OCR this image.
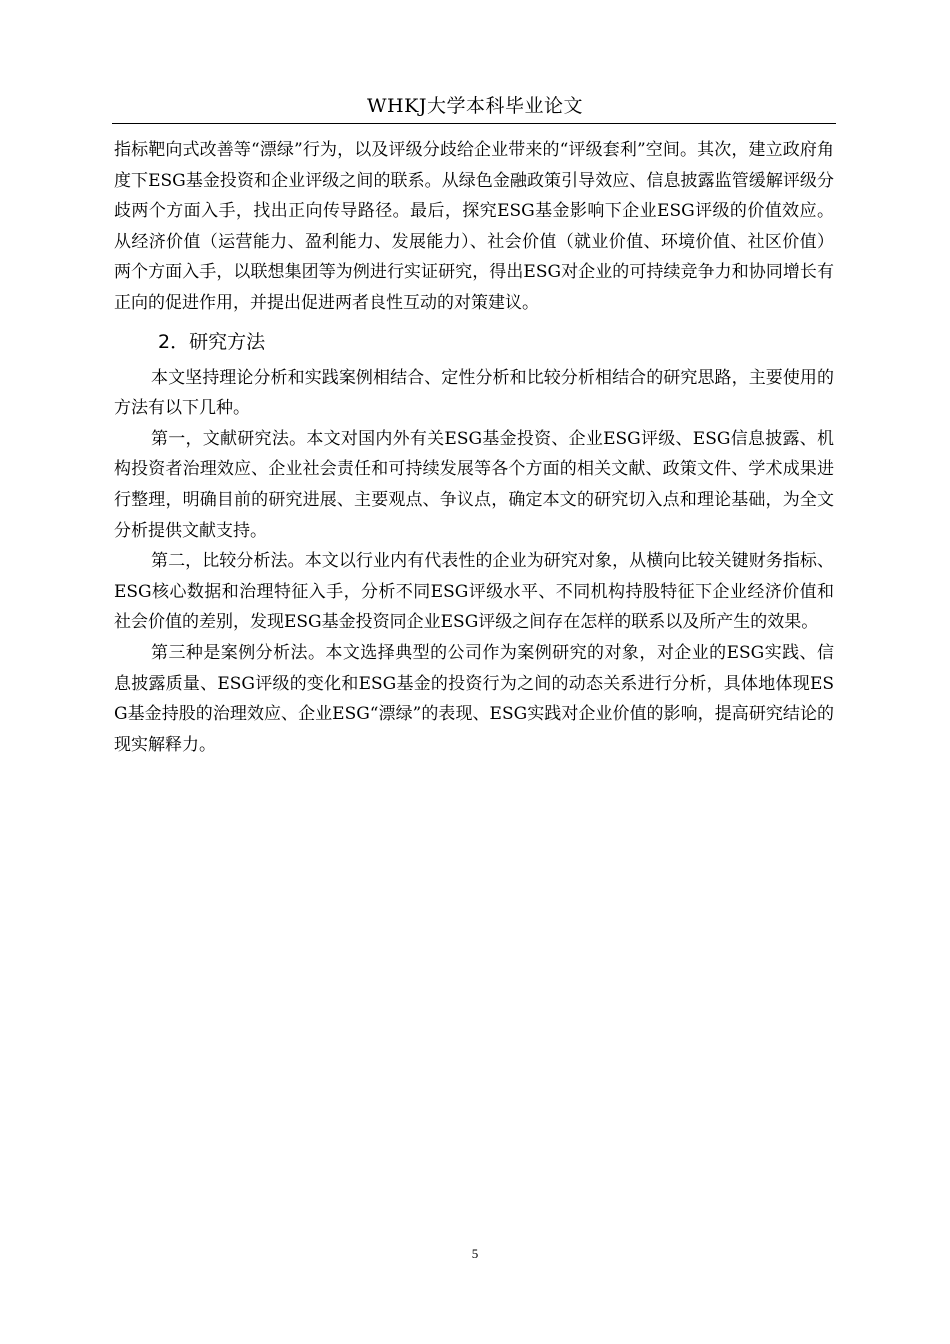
WHKJ大学本科毕业论文

指标靶向式改善等“漂绿”行为，以及评级分歧给企业带来的“评级套利”空间。其次，建立政府角度下ESG基金投资和企业评级之间的联系。从绿色金融政策引导效应、信息披露监管缓解评级分歧两个方面入手，找出正向传导路径。最后，探究ESG基金影响下企业ESG评级的价值效应。从经济价值（运营能力、盈利能力、发展能力）、社会价值（就业价值、环境价值、社区价值）两个方面入手，以联想集团等为例进行实证研究，得出ESG对企业的可持续竞争力和协同增长有正向的促进作用，并提出促进两者良性互动的对策建议。

2．研究方法

本文坚持理论分析和实践案例相结合、定性分析和比较分析相结合的研究思路，主要使用的方法有以下几种。

第一，文献研究法。本文对国内外有关ESG基金投资、企业ESG评级、ESG信息披露、机构投资者治理效应、企业社会责任和可持续发展等各个方面的相关文献、政策文件、学术成果进行整理，明确目前的研究进展、主要观点、争议点，确定本文的研究切入点和理论基础，为全文分析提供文献支持。

第二，比较分析法。本文以行业内有代表性的企业为研究对象，从横向比较关键财务指标、ESG核心数据和治理特征入手，分析不同ESG评级水平、不同机构持股特征下企业经济价值和社会价值的差别，发现ESG基金投资同企业ESG评级之间存在怎样的联系以及所产生的效果。

第三种是案例分析法。本文选择典型的公司作为案例研究的对象，对企业的ESG实践、信息披露质量、ESG评级的变化和ESG基金的投资行为之间的动态关系进行分析，具体地体现ESG基金持股的治理效应、企业ESG“漂绿”的表现、ESG实践对企业价值的影响，提高研究结论的现实解释力。

5
